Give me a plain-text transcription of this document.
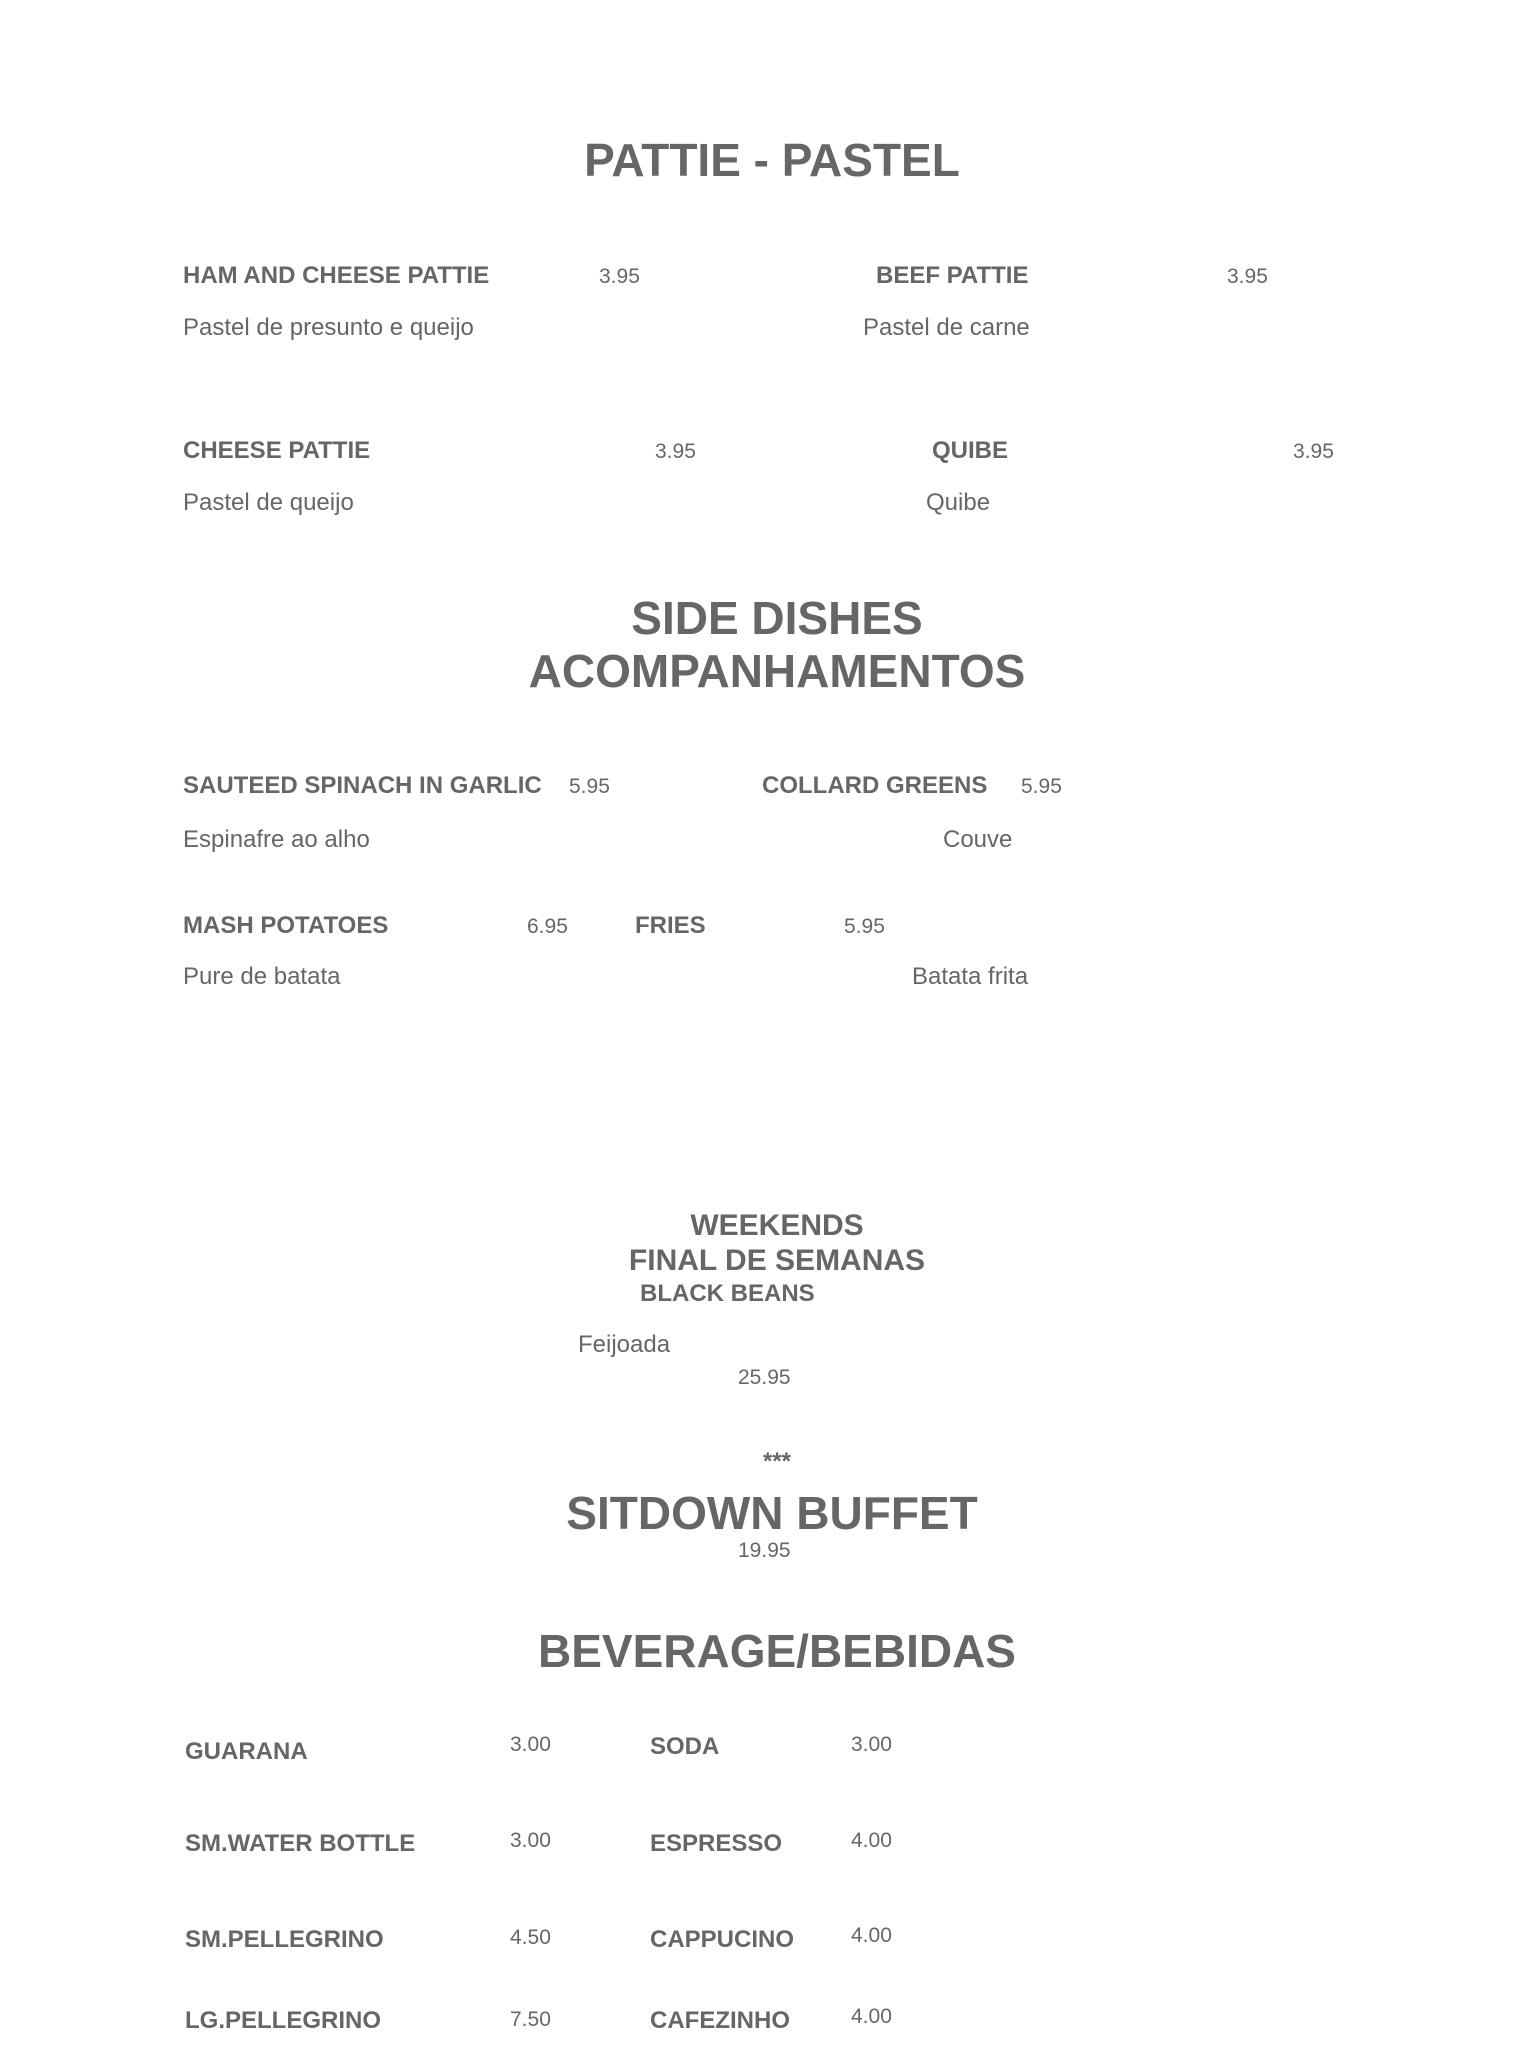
PATTIE - PASTEL
HAM AND CHEESE PATTIE	3.95
Pastel de presunto e queijo
BEEF PATTIE	3.95
Pastel de carne
CHEESE PATTIE	3.95
Pastel de queijo
QUIBE	3.95
Quibe
SIDE DISHES
ACOMPANHAMENTOS
SAUTEED SPINACH IN GARLIC 5.95
Espinafre ao alho
COLLARD GREENS 5.95
Couve
MASH POTATOES	6.95
Pure de batata
FRIES	5.95
Batata frita
WEEKENDS
FINAL DE SEMANAS
BLACK BEANS
Feijoada
25.95
***
SITDOWN BUFFET
19.95
BEVERAGE/BEBIDAS
GUARANA	3.00	SODA	3.00
SM.WATER BOTTLE	3.00	ESPRESSO	4.00
SM.PELLEGRINO	4.50	CAPPUCINO	4.00
LG.PELLEGRINO	7.50	CAFEZINHO	4.00
